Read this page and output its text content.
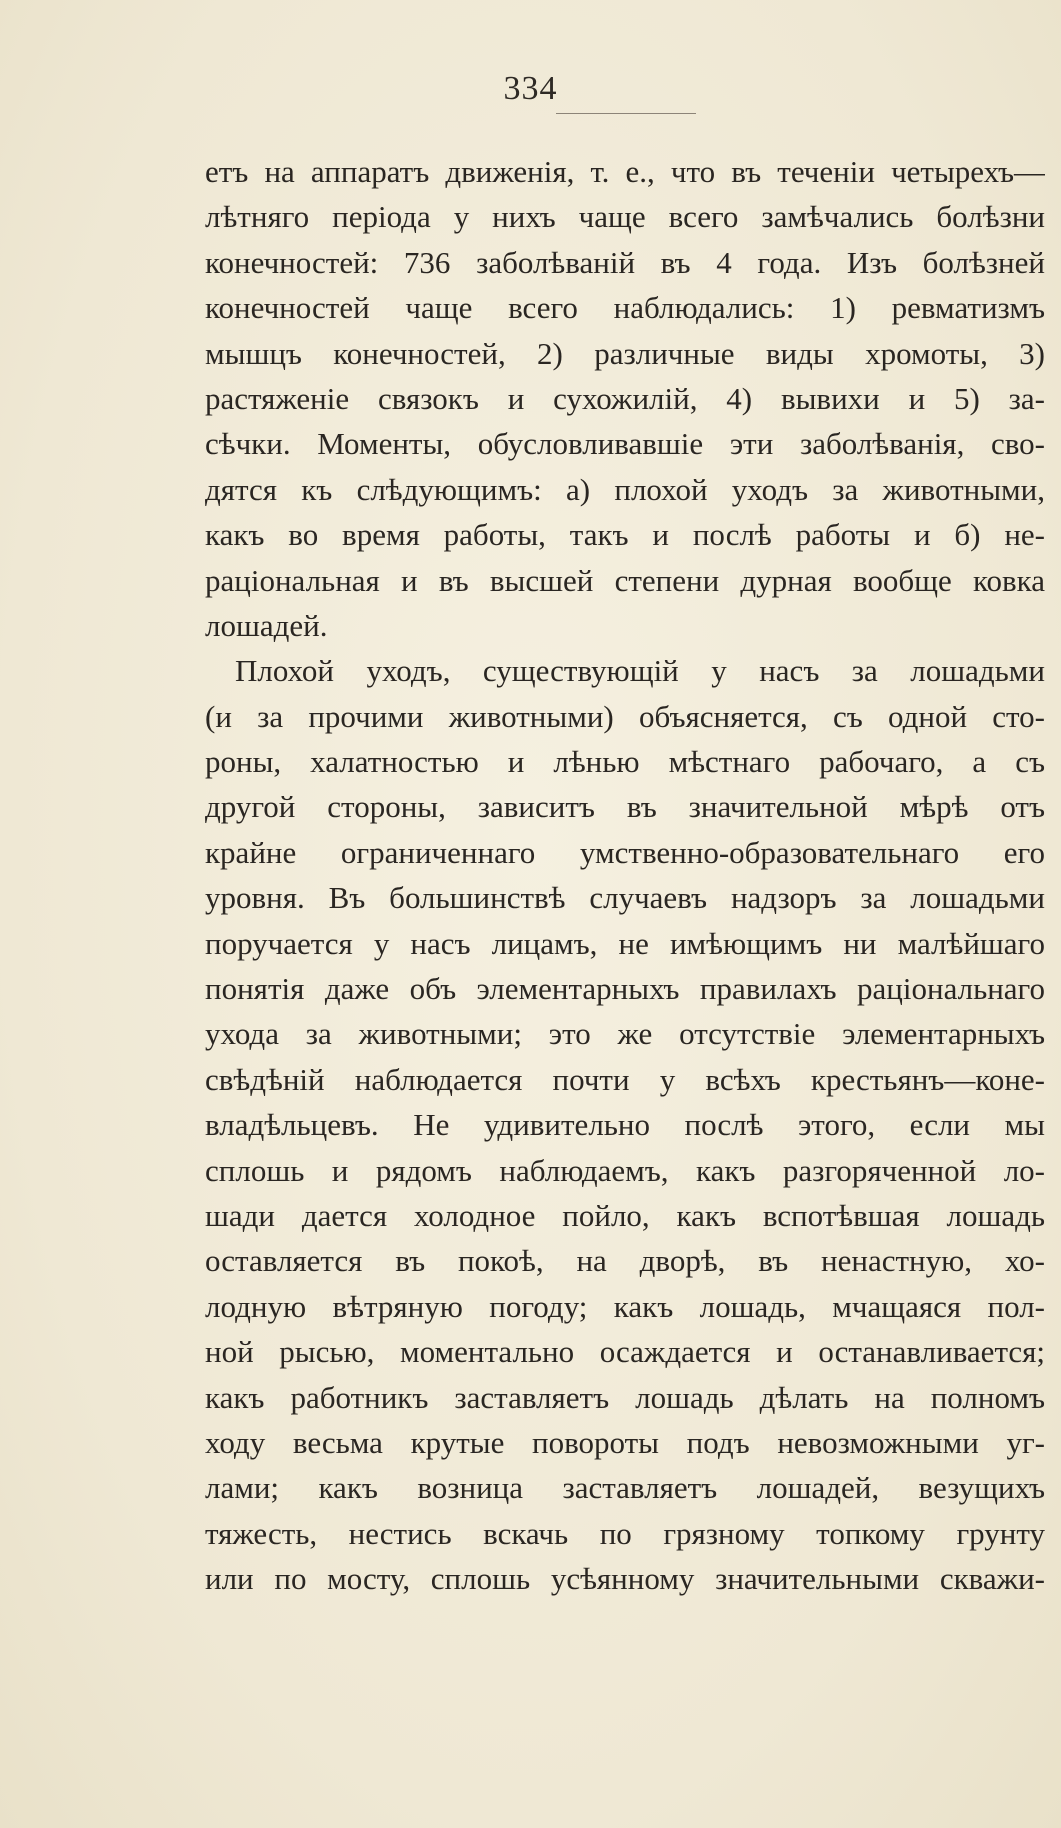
334
етъ на аппаратъ движенія, т. е., что въ теченіи четырехъ—
лѣтняго періода у нихъ чаще всего замѣчались болѣзни
конечностей: 736 заболѣваній въ 4 года. Изъ болѣзней
конечностей чаще всего наблюдались: 1) ревматизмъ
мышцъ конечностей, 2) различные виды хромоты, 3)
растяженіе связокъ и сухожилій, 4) вывихи и 5) за-
сѣчки. Моменты, обусловливавшіе эти заболѣванія, сво-
дятся къ слѣдующимъ: а) плохой уходъ за животными,
какъ во время работы, такъ и послѣ работы и б) не-
раціональная и въ высшей степени дурная вообще ковка
лошадей.
Плохой уходъ, существующій у насъ за лошадьми
(и за прочими животными) объясняется, съ одной сто-
роны, халатностью и лѣнью мѣстнаго рабочаго, а съ
другой стороны, зависитъ въ значительной мѣрѣ отъ
крайне ограниченнаго умственно-образовательнаго его
уровня. Въ большинствѣ случаевъ надзоръ за лошадьми
поручается у насъ лицамъ, не имѣющимъ ни малѣйшаго
понятія даже объ элементарныхъ правилахъ раціональнаго
ухода за животными; это же отсутствіе элементарныхъ
свѣдѣній наблюдается почти у всѣхъ крестьянъ—коне-
владѣльцевъ. Не удивительно послѣ этого, если мы
сплошь и рядомъ наблюдаемъ, какъ разгоряченной ло-
шади дается холодное пойло, какъ вспотѣвшая лошадь
оставляется въ покоѣ, на дворѣ, въ ненастную, хо-
лодную вѣтряную погоду; какъ лошадь, мчащаяся пол-
ной рысью, моментально осаждается и останавливается;
какъ работникъ заставляетъ лошадь дѣлать на полномъ
ходу весьма крутые повороты подъ невозможными уг-
лами; какъ возница заставляетъ лошадей, везущихъ
тяжесть, нестись вскачь по грязному топкому грунту
или по мосту, сплошь усѣянному значительными скважи-
